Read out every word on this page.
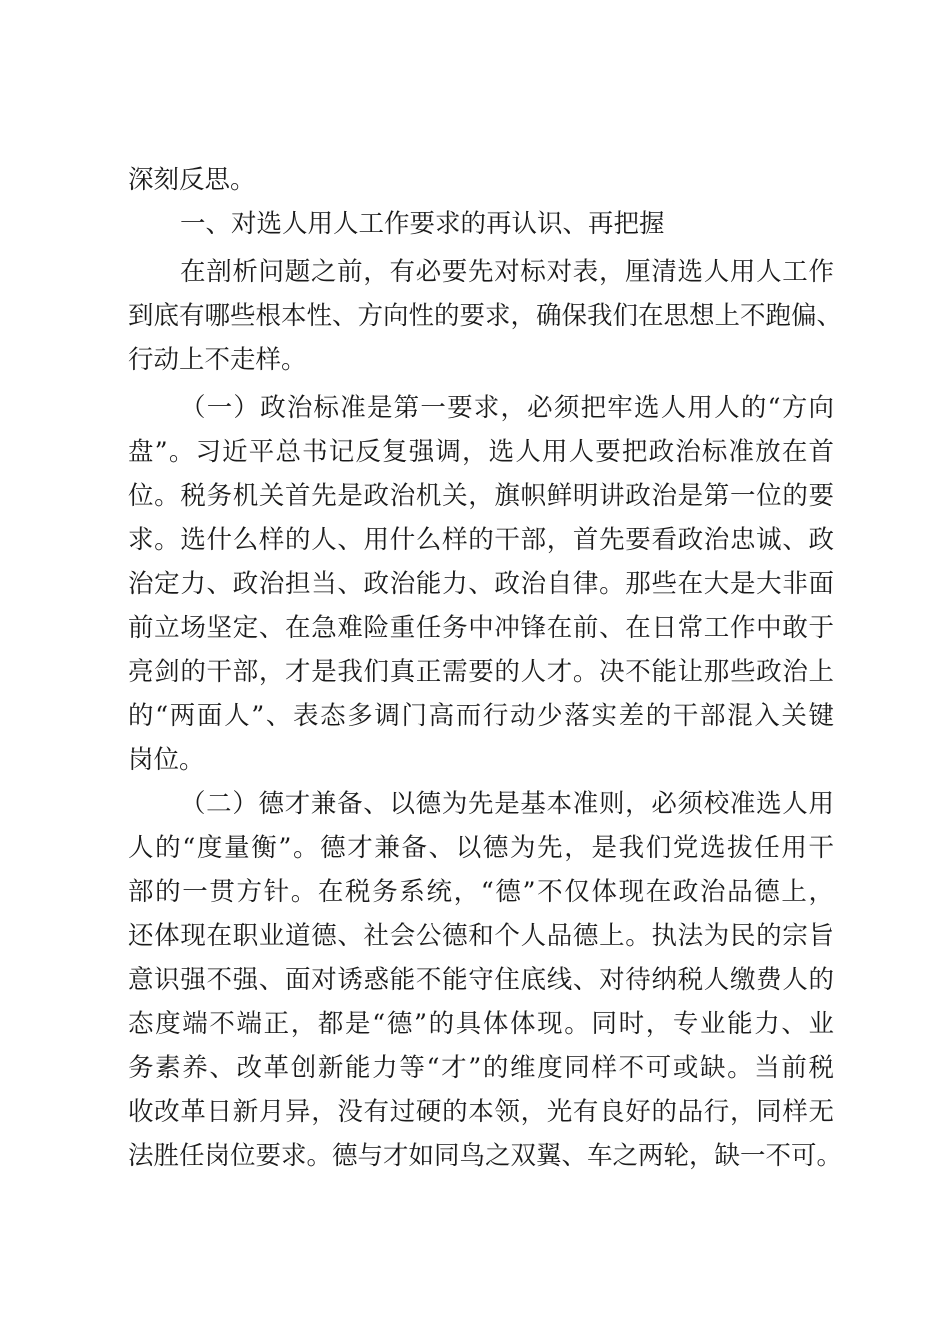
深刻反思。
一、对选人用人工作要求的再认识、再把握
在剖析问题之前，有必要先对标对表，厘清选人用人工作
到底有哪些根本性、方向性的要求，确保我们在思想上不跑偏、
行动上不走样。
（一）政治标准是第一要求，必须把牢选人用人的“方向
盘”。习近平总书记反复强调，选人用人要把政治标准放在首
位。税务机关首先是政治机关，旗帜鲜明讲政治是第一位的要
求。选什么样的人、用什么样的干部，首先要看政治忠诚、政
治定力、政治担当、政治能力、政治自律。那些在大是大非面
前立场坚定、在急难险重任务中冲锋在前、在日常工作中敢于
亮剑的干部，才是我们真正需要的人才。决不能让那些政治上
的“两面人”、表态多调门高而行动少落实差的干部混入关键
岗位。
（二）德才兼备、以德为先是基本准则，必须校准选人用
人的“度量衡”。德才兼备、以德为先，是我们党选拔任用干
部的一贯方针。在税务系统，“德”不仅体现在政治品德上，
还体现在职业道德、社会公德和个人品德上。执法为民的宗旨
意识强不强、面对诱惑能不能守住底线、对待纳税人缴费人的
态度端不端正，都是“德”的具体体现。同时，专业能力、业
务素养、改革创新能力等“才”的维度同样不可或缺。当前税
收改革日新月异，没有过硬的本领，光有良好的品行，同样无
法胜任岗位要求。德与才如同鸟之双翼、车之两轮，缺一不可。
